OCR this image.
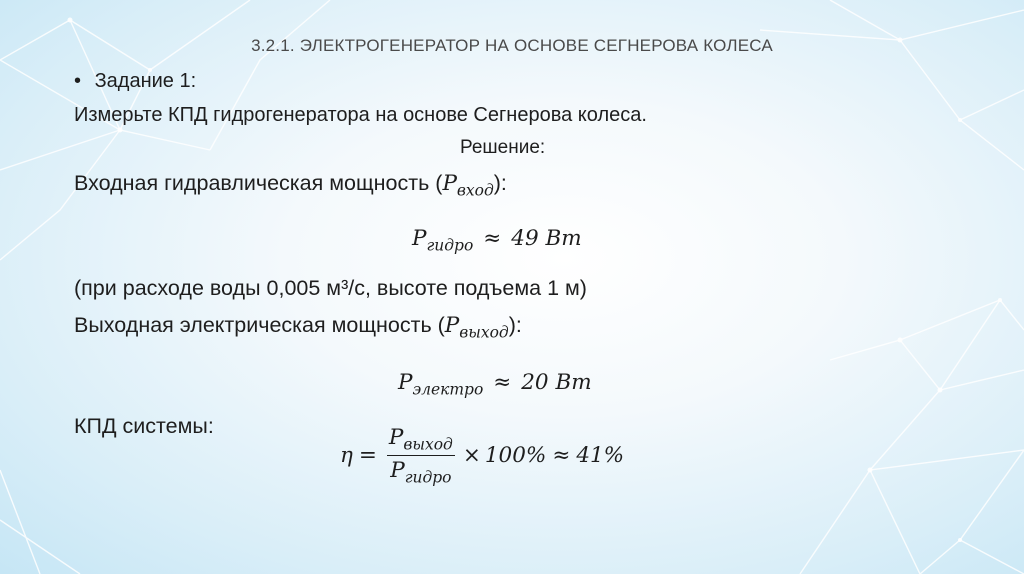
3.2.1. ЭЛЕКТРОГЕНЕРАТОР НА ОСНОВЕ СЕГНЕРОВА КОЛЕСА
• Задание 1:
Измерьте КПД гидрогенератора на основе Сегнерова колеса.
Решение:
Входная гидравлическая мощность $(P_{вход})$:
$P_{гидро} \approx 49$ Вт
(при расходе воды 0,005 м³/с, высоте подъема 1 м)
Выходная электрическая мощность $(P_{выход})$:
$P_{электро} \approx 20$ Вт
КПД системы:
$\eta = \frac{P_{выход}}{P_{гидро}} \times 100\% \approx 41\%$
